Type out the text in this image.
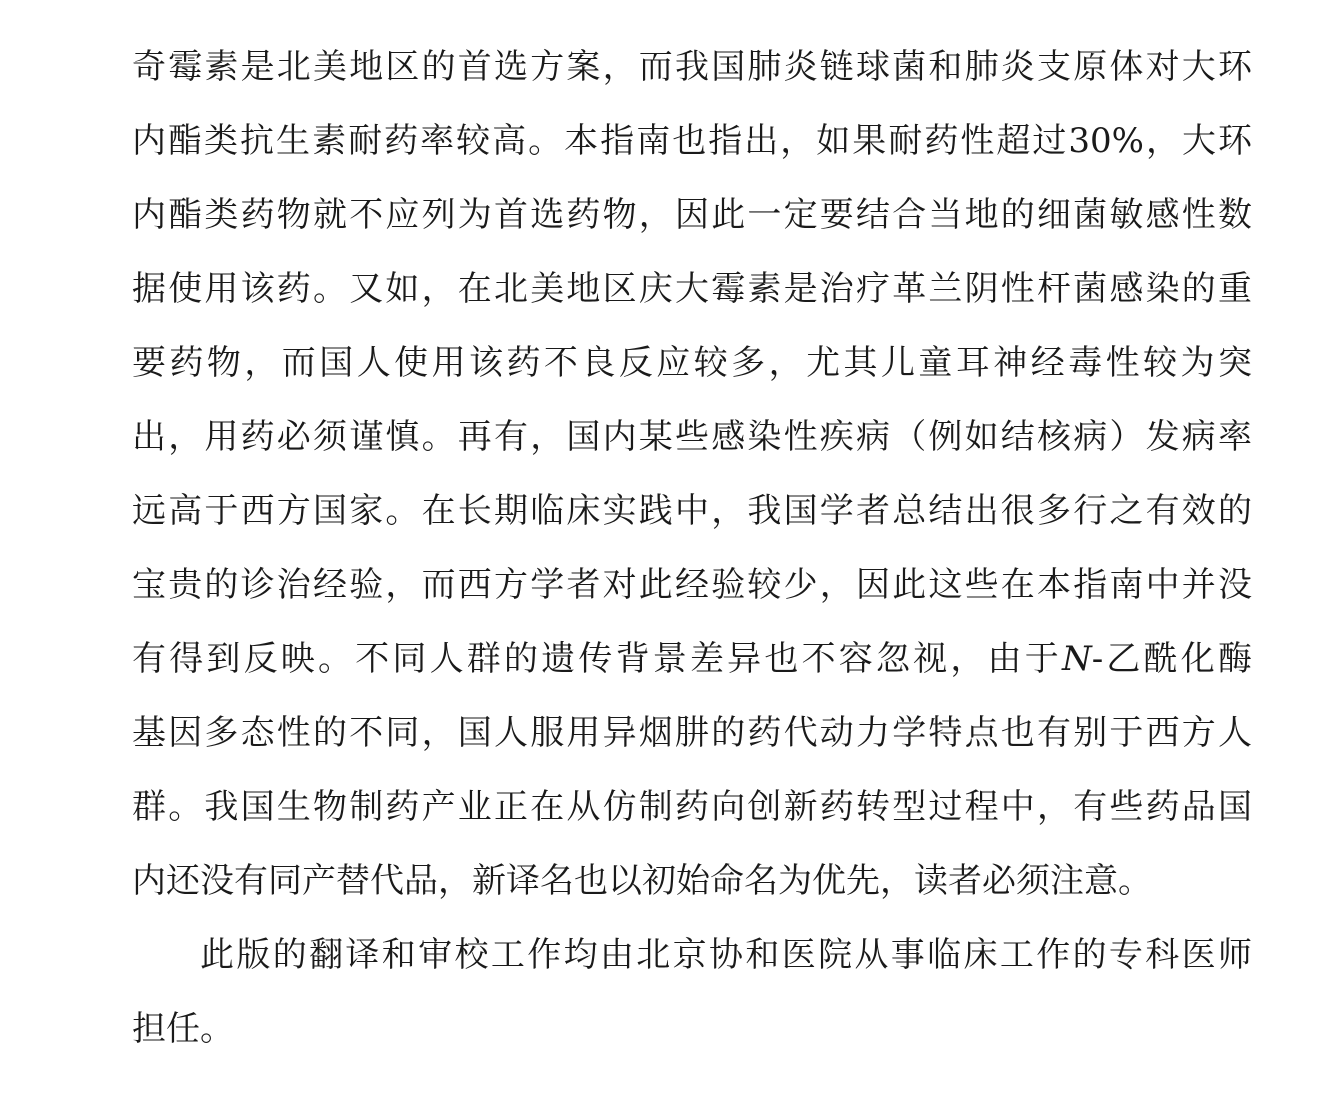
奇霉素是北美地区的首选方案，而我国肺炎链球菌和肺炎支原体对大环
内酯类抗生素耐药率较高。本指南也指出，如果耐药性超过30%，大环
内酯类药物就不应列为首选药物，因此一定要结合当地的细菌敏感性数
据使用该药。又如，在北美地区庆大霉素是治疗革兰阴性杆菌感染的重
要药物，而国人使用该药不良反应较多，尤其儿童耳神经毒性较为突
出，用药必须谨慎。再有，国内某些感染性疾病（例如结核病）发病率
远高于西方国家。在长期临床实践中，我国学者总结出很多行之有效的
宝贵的诊治经验，而西方学者对此经验较少，因此这些在本指南中并没
有得到反映。不同人群的遗传背景差异也不容忽视，由于N-乙酰化酶
基因多态性的不同，国人服用异烟肼的药代动力学特点也有别于西方人
群。我国生物制药产业正在从仿制药向创新药转型过程中，有些药品国
内还没有同产替代品，新译名也以初始命名为优先，读者必须注意。
此版的翻译和审校工作均由北京协和医院从事临床工作的专科医师
担任。
